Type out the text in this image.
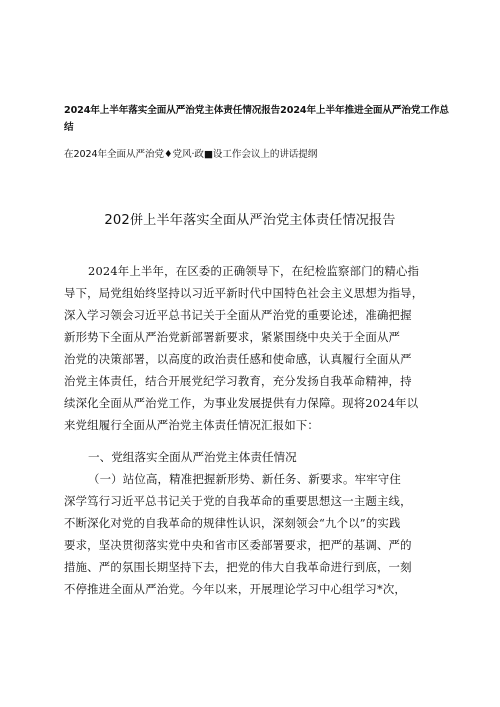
2024年上半年落实全面从严治党主体责任情况报告2024年上半年推进全面从严治党工作总结
在2024年全面从严治党♦党风·政■设工作会议上的讲话提纲
202併上半年落实全面从严治党主体责任情况报告
2024年上半年，在区委的正确领导下，在纪检监察部门的精心指
导下，局党组始终坚持以习近平新时代中国特色社会主义思想为指导，
深入学习领会习近平总书记关于全面从严治党的重要论述，准确把握
新形势下全面从严治党新部署新要求，紧紧围绕中央关于全面从严
治党的决策部署，以高度的政治责任感和使命感，认真履行全面从严
治党主体责任，结合开展党纪学习教育，充分发扬自我革命精神，持
续深化全面从严治党工作，为事业发展提供有力保障。现将2024年以
来党组履行全面从严治党主体责任情况汇报如下：
一、党组落实全面从严治党主体责任情况
（一）站位高，精准把握新形势、新任务、新要求。牢牢守住
深学笃行习近平总书记关于党的自我革命的重要思想这一主题主线，
不断深化对党的自我革命的规律性认识，深刻领会“九个以”的实践
要求，坚决贯彻落实党中央和省市区委部署要求，把严的基调、严的
措施、严的氛围长期坚持下去，把党的伟大自我革命进行到底，一刻
不停推进全面从严治党。今年以来，开展理论学习中心组学习*次，
